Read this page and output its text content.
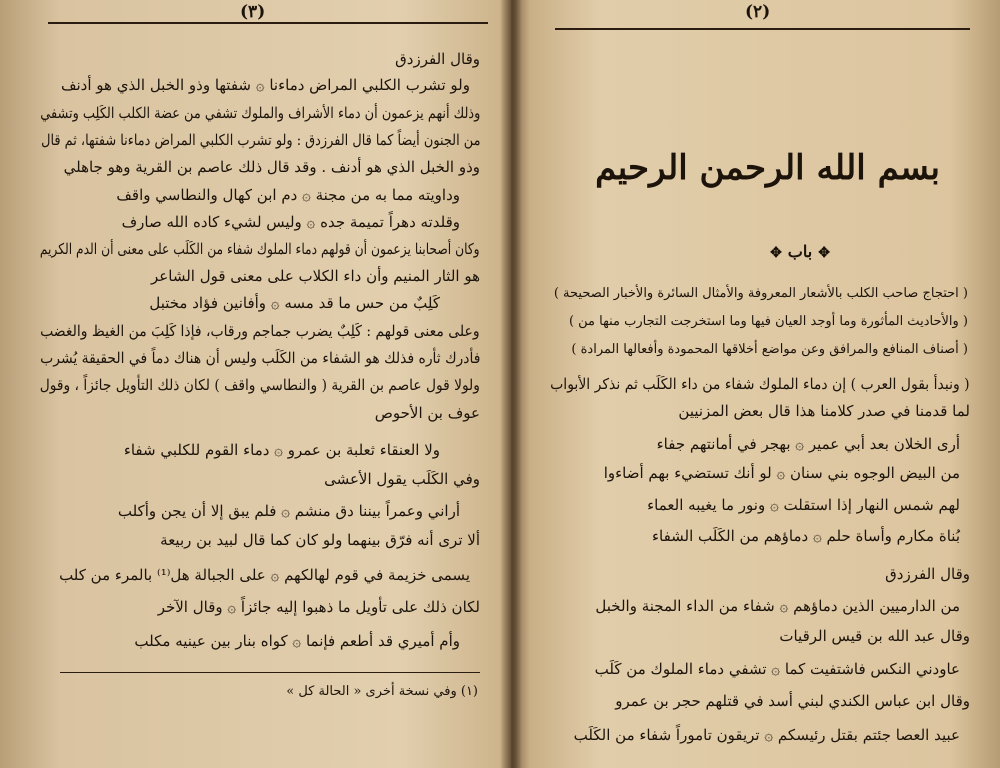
(٣)
وقال الفرزدق
ولو تشرب الكلبي المراض دماءنا ۞ شفتها وذو الخبل الذي هو أدنف
وذلك أنهم يزعمون أن دماء الأشراف والملوك تشفي من عضة الكلب الكَلِب وتشفي
من الجنون أيضاً كما قال الفرزدق : ولو تشرب الكلبي المراض دماءنا شفتها، ثم قال
وذو الخبل الذي هو أدنف . وقد قال ذلك عاصم بن القرية وهو جاهلي
وداويته مما به من مجنة ۞ دم ابن كهال والنطاسي واقف
وقلدته دهراً تميمة جده ۞ وليس لشيء كاده الله صارف
وكان أصحابنا يزعمون أن قولهم دماء الملوك شفاء من الكَلَب على معنى أن الدم الكريم
هو الثار المنيم وأن داء الكلاب على معنى قول الشاعر
كَلِبٌ من حس ما قد مسه ۞ وأفانين فؤاد مختبل
وعلى معنى قولهم : كَلِبٌ يضرب جماجم ورقاب، فإذا كَلِبَ من الغيظ والغضب
فأدرك ثأره فذلك هو الشفاء من الكَلَب وليس أن هناك دماً في الحقيقة يُشرب
ولولا قول عاصم بن القرية ( والنطاسي واقف ) لكان ذلك التأويل جائزاً ، وقول
عوف بن الأحوص
ولا العنقاء ثعلبة بن عمرو ۞ دماء القوم للكلبي شفاء
وفي الكَلَب يقول الأعشى
أراني وعمراً بيننا دق منشم ۞ فلم يبق إلا أن يجن وأكلب
ألا ترى أنه فرّق بينهما ولو كان كما قال لبيد بن ربيعة
يسمى خزيمة في قوم لهالكهم ۞ على الجبالة هل⁽¹⁾ بالمرء من كلب
لكان ذلك على تأويل ما ذهبوا إليه جائزاً ۞ وقال الآخر
وأم أميري قد أطعم فإنما ۞ كواه بنار بين عينيه مكلب
(١) وفي نسخة أخرى « الحالة كل »
(٢)
بسم الله الرحمن الرحيم
✥باب✥
( احتجاج صاحب الكلب بالأشعار المعروفة والأمثال السائرة والأخبار الصحيحة )
( والأحاديث المأثورة وما أوجد العيان فيها وما استخرجت التجارب منها من )
( أصناف المنافع والمرافق وعن مواضع أخلاقها المحمودة وأفعالها المرادة )
( ونبدأ بقول العرب ) إن دماء الملوك شفاء من داء الكَلَب ثم نذكر الأبواب
لما قدمنا في صدر كلامنا هذا قال بعض المزنيين
أرى الخلان بعد أبي عمير ۞ بهجر في أمانتهم جفاء
من البيض الوجوه بني سنان ۞ لو أنك تستضيء بهم أضاءوا
لهم شمس النهار إذا استقلت ۞ ونور ما يغيبه العماء
بُناة مكارم وأساة حلم ۞ دماؤهم من الكَلَب الشفاء
وقال الفرزدق
من الدارميين الذين دماؤهم ۞ شفاء من الداء المجنة والخبل
وقال عبد الله بن قيس الرقيات
عاودني النكس فاشتفيت كما ۞ تشفي دماء الملوك من كَلَب
وقال ابن عباس الكندي لبني أسد في قتلهم حجر بن عمرو
عبيد العصا جئتم بقتل رئيسكم ۞ تريقون تاموراً شفاء من الكَلَب
